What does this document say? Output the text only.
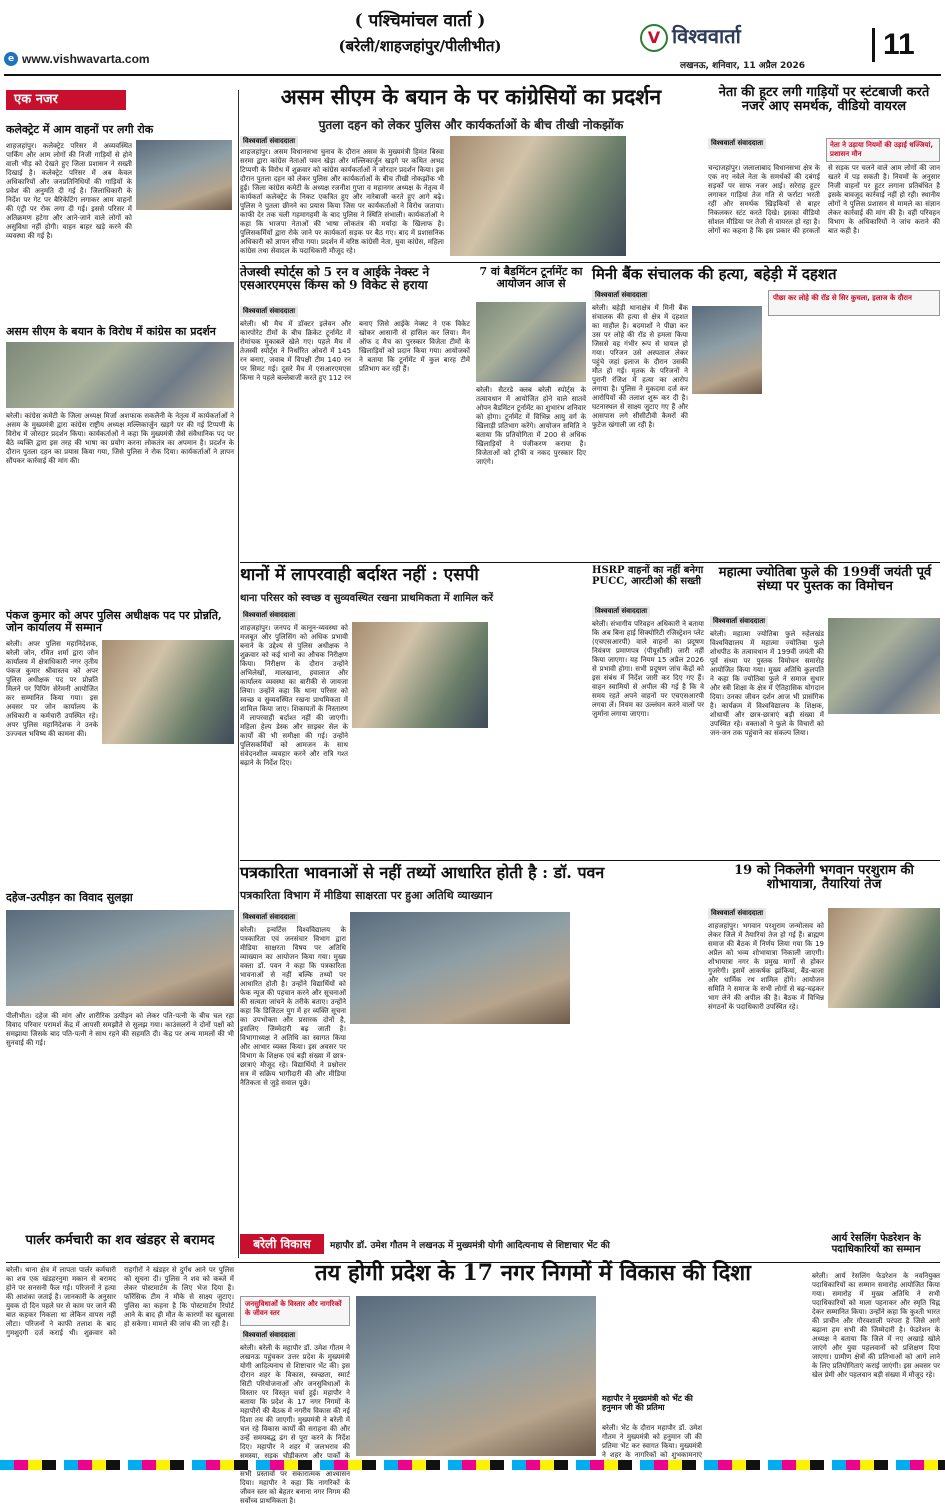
( पश्चिमांचल वार्ता )
(बरेली/शाहजहांपुर/पीलीभीत)
e www.vishwavarta.com
V विश्ववार्ता
लखनऊ, शनिवार, 11 अप्रैल 2026
11
एक नजर
कलेक्ट्रेट में आम वाहनों पर लगी रोक
शाहजहांपुर। कलेक्ट्रेट परिसर में अव्यवस्थित पार्किंग और आम लोगों की निजी गाड़ियों से होने वाली भीड़ को देखते हुए जिला प्रशासन ने सख्ती दिखाई है। कलेक्ट्रेट परिसर में अब केवल अधिकारियों और जनप्रतिनिधियों की गाड़ियों के प्रवेश की अनुमति दी गई है। जिलाधिकारी के निर्देश पर गेट पर बैरिकेटिंग लगाकर आम वाहनों की एंट्री पर रोक लगा दी गई। इससे परिसर में अतिक्रमण हटेगा और आने-जाने वाले लोगों को असुविधा नहीं होगी। वाहन बाहर खड़े करने की व्यवस्था की गई है।
असम सीएम के बयान के विरोध में कांग्रेस का प्रदर्शन
बरेली। कांग्रेस कमेटी के जिला अध्यक्ष मिर्जा अशफाक सकलैनी के नेतृत्व में कार्यकर्ताओं ने असम के मुख्यमंत्री द्वारा कांग्रेस राष्ट्रीय अध्यक्ष मल्लिकार्जुन खड़गे पर की गई टिप्पणी के विरोध में जोरदार प्रदर्शन किया। कार्यकर्ताओं ने कहा कि मुख्यमंत्री जैसे संवैधानिक पद पर बैठे व्यक्ति द्वारा इस तरह की भाषा का प्रयोग करना लोकतंत्र का अपमान है। प्रदर्शन के दौरान पुतला दहन का प्रयास किया गया, जिसे पुलिस ने रोक दिया। कार्यकर्ताओं ने ज्ञापन सौंपकर कार्रवाई की मांग की।
पंकज कुमार को अपर पुलिस अधीक्षक पद पर प्रोन्नति, जोन कार्यालय में सम्मान
बरेली। अपर पुलिस महानिदेशक, बरेली जोन, रमित शर्मा द्वारा जोन कार्यालय में क्षेत्राधिकारी नगर तृतीय पंकज कुमार श्रीवास्तव को अपर पुलिस अधीक्षक पद पर प्रोन्नति मिलने पर पिपिंग सेरेमनी आयोजित कर सम्मानित किया गया। इस अवसर पर जोन कार्यालय के अधिकारी व कर्मचारी उपस्थित रहे। अपर पुलिस महानिदेशक ने उनके उज्ज्वल भविष्य की कामना की।
दहेज-उत्पीड़न का विवाद सुलझा
पीलीभीत। दहेज की मांग और शारीरिक उत्पीड़न को लेकर पति-पत्नी के बीच चल रहा विवाद परिवार परामर्श केंद्र में आपसी समझौते से सुलझ गया। काउंसलरों ने दोनों पक्षों को समझाया जिसके बाद पति-पत्नी ने साथ रहने की सहमति दी। केंद्र पर अन्य मामलों की भी सुनवाई की गई।
असम सीएम के बयान के पर कांग्रेसियों का प्रदर्शन
पुतला दहन को लेकर पुलिस और कार्यकर्ताओं के बीच तीखी नोकझोंक
विश्ववार्ता संवाददाता
शाहजहांपुर। असम विधानसभा चुनाव के दौरान असम के मुख्यमंत्री हिमंत बिस्वा सरमा द्वारा कांग्रेस नेताओं पवन खेड़ा और मल्लिकार्जुन खड़गे पर कथित अभद्र टिप्पणी के विरोध में शुक्रवार को कांग्रेस कार्यकर्ताओं ने जोरदार प्रदर्शन किया। इस दौरान पुतला दहन को लेकर पुलिस और कार्यकर्ताओं के बीच तीखी नोकझोंक भी हुई। जिला कांग्रेस कमेटी के अध्यक्ष रजनीश गुप्ता व महानगर अध्यक्ष के नेतृत्व में कार्यकर्ता कलेक्ट्रेट के निकट एकत्रित हुए और नारेबाजी करते हुए आगे बढ़े। पुलिस ने पुतला छीनने का प्रयास किया जिस पर कार्यकर्ताओं ने विरोध जताया। काफी देर तक चली गहमागहमी के बाद पुलिस ने स्थिति संभाली। कार्यकर्ताओं ने कहा कि भाजपा नेताओं की भाषा लोकतंत्र की मर्यादा के खिलाफ है। पुलिसकर्मियों द्वारा रोके जाने पर कार्यकर्ता सड़क पर बैठ गए। बाद में प्रशासनिक अधिकारी को ज्ञापन सौंपा गया। प्रदर्शन में वरिष्ठ कांग्रेसी नेता, युवा कांग्रेस, महिला कांग्रेस तथा सेवादल के पदाधिकारी मौजूद रहे।
नेता की हूटर लगी गाड़ियों पर स्टंटबाजी करते नजर आए समर्थक, वीडियो वायरल
विश्ववार्ता संवाददाता	नेता ने उड़ाया नियमों की उड़ाई धज्जियां, प्रशासन मौन
चन्दाजहांपुर। जलालाबाद विधानसभा क्षेत्र के एक नए नवेले नेता के समर्थकों की दबंगई सड़कों पर साफ नजर आई। सरेराह हूटर लगाकर गाड़ियां तेज गति से फर्राटा भरती रहीं और समर्थक खिड़कियों से बाहर निकलकर स्टंट करते दिखे। इसका वीडियो सोशल मीडिया पर तेजी से वायरल हो रहा है। लोगों का कहना है कि इस प्रकार की हरकतों से सड़क पर चलने वाले आम लोगों की जान खतरे में पड़ सकती है। नियमों के अनुसार निजी वाहनों पर हूटर लगाना प्रतिबंधित है इसके बावजूद कार्रवाई नहीं हो रही। स्थानीय लोगों ने पुलिस प्रशासन से मामले का संज्ञान लेकर कार्रवाई की मांग की है। वहीं परिवहन विभाग के अधिकारियों ने जांच कराने की बात कही है।
तेजस्वी स्पोर्ट्स को 5 रन व आईके नेक्स्ट ने एसआरएमएस किंग्स को 9 विकेट से हराया
विश्ववार्ता संवाददाता
बरेली। श्री मैच में डॉक्टर इलेवन और कारपोरेट टीमों के बीच क्रिकेट टूर्नामेंट में रोमांचक मुकाबले खेले गए। पहले मैच में तेजस्वी स्पोर्ट्स ने निर्धारित ओवरों में 145 रन बनाए, जवाब में विपक्षी टीम 140 रन पर सिमट गई। दूसरे मैच में एसआरएमएस किंग्स ने पहले बल्लेबाजी करते हुए 112 रन बनाए जिसे आईके नेक्स्ट ने एक विकेट खोकर आसानी से हासिल कर लिया। मैन ऑफ द मैच का पुरस्कार विजेता टीमों के खिलाड़ियों को प्रदान किया गया। आयोजकों ने बताया कि टूर्नामेंट में कुल बारह टीमें प्रतिभाग कर रही हैं।
7 वां बैडमिंटन टूर्नामेंट का आयोजन आज से
बरेली। सैटरडे क्लब बरेली स्पोर्ट्स के तत्वावधान में आयोजित होने वाले सातवें ओपन बैडमिंटन टूर्नामेंट का शुभारंभ शनिवार को होगा। टूर्नामेंट में विभिन्न आयु वर्ग के खिलाड़ी प्रतिभाग करेंगे। आयोजन समिति ने बताया कि प्रतियोगिता में 200 से अधिक खिलाड़ियों ने पंजीकरण कराया है। विजेताओं को ट्रॉफी व नकद पुरस्कार दिए जाएंगे।
मिनी बैंक संचालक की हत्या, बहेड़ी में दहशत
विश्ववार्ता संवाददाता	पीछा कर लोहे की रॉड से सिर कुचला, इलाज के दौरान
बरेली। बहेड़ी थानाक्षेत्र में मिनी बैंक संचालक की हत्या से क्षेत्र में दहशत का माहौल है। बदमाशों ने पीछा कर उस पर लोहे की रॉड से हमला किया जिससे वह गंभीर रूप से घायल हो गया। परिजन उसे अस्पताल लेकर पहुंचे जहां इलाज के दौरान उसकी मौत हो गई। मृतक के परिजनों ने पुरानी रंजिश में हत्या का आरोप लगाया है। पुलिस ने मुकदमा दर्ज कर आरोपियों की तलाश शुरू कर दी है। घटनास्थल से साक्ष्य जुटाए गए हैं और आसपास लगे सीसीटीवी कैमरों की फुटेज खंगाली जा रही है।
थानों में लापरवाही बर्दाश्त नहीं : एसपी
थाना परिसर को स्वच्छ व सुव्यवस्थित रखना प्राथमिकता में शामिल करें
विश्ववार्ता संवाददाता
शाहजहांपुर। जनपद में कानून-व्यवस्था को मजबूत और पुलिसिंग को अधिक प्रभावी बनाने के उद्देश्य से पुलिस अधीक्षक ने शुक्रवार को कई थानों का औचक निरीक्षण किया। निरीक्षण के दौरान उन्होंने अभिलेखों, मालखाना, हवालात और कार्यालय व्यवस्था का बारीकी से जायजा लिया। उन्होंने कहा कि थाना परिसर को स्वच्छ व सुव्यवस्थित रखना प्राथमिकता में शामिल किया जाए। शिकायतों के निस्तारण में लापरवाही बर्दाश्त नहीं की जाएगी। महिला हेल्प डेस्क और साइबर सेल के कार्यों की भी समीक्षा की गई। उन्होंने पुलिसकर्मियों को आमजन के साथ संवेदनशील व्यवहार करने और रात्रि गश्त बढ़ाने के निर्देश दिए।
HSRP वाहनों का नहीं बनेगा PUCC, आरटीओ की सख्ती
विश्ववार्ता संवाददाता
बरेली। संभागीय परिवहन अधिकारी ने बताया कि अब बिना हाई सिक्योरिटी रजिस्ट्रेशन प्लेट (एचएसआरपी) वाले वाहनों का प्रदूषण नियंत्रण प्रमाणपत्र (पीयूसीसी) जारी नहीं किया जाएगा। यह नियम 15 अप्रैल 2026 से प्रभावी होगा। सभी प्रदूषण जांच केंद्रों को इस संबंध में निर्देश जारी कर दिए गए हैं। वाहन स्वामियों से अपील की गई है कि वे समय रहते अपने वाहनों पर एचएसआरपी लगवा लें। नियम का उल्लंघन करने वालों पर जुर्माना लगाया जाएगा।
महात्मा ज्योतिबा फुले की 199वीं जयंती पूर्व संध्या पर पुस्तक का विमोचन
विश्ववार्ता संवाददाता
बरेली। महात्मा ज्योतिबा फुले रुहेलखंड विश्वविद्यालय में महात्मा ज्योतिबा फुले शोधपीठ के तत्वावधान में 199वीं जयंती की पूर्व संध्या पर पुस्तक विमोचन समारोह आयोजित किया गया। मुख्य अतिथि कुलपति ने कहा कि ज्योतिबा फुले ने समाज सुधार और स्त्री शिक्षा के क्षेत्र में ऐतिहासिक योगदान दिया। उनका जीवन दर्शन आज भी प्रासंगिक है। कार्यक्रम में विश्वविद्यालय के शिक्षक, शोधार्थी और छात्र-छात्राएं बड़ी संख्या में उपस्थित रहे। वक्ताओं ने फुले के विचारों को जन-जन तक पहुंचाने का संकल्प लिया।
पत्रकारिता भावनाओं से नहीं तथ्यों आधारित होती है : डॉ. पवन
पत्रकारिता विभाग में मीडिया साक्षरता पर हुआ अतिथि व्याख्यान
विश्ववार्ता संवाददाता
बरेली। इन्वर्टिस विश्वविद्यालय के पत्रकारिता एवं जनसंचार विभाग द्वारा मीडिया साक्षरता विषय पर अतिथि व्याख्यान का आयोजन किया गया। मुख्य वक्ता डॉ. पवन ने कहा कि पत्रकारिता भावनाओं से नहीं बल्कि तथ्यों पर आधारित होती है। उन्होंने विद्यार्थियों को फेक न्यूज की पहचान करने और सूचनाओं की सत्यता जांचने के तरीके बताए। उन्होंने कहा कि डिजिटल युग में हर व्यक्ति सूचना का उपभोक्ता और प्रसारक दोनों है, इसलिए जिम्मेदारी बढ़ जाती है। विभागाध्यक्ष ने अतिथि का स्वागत किया और आभार व्यक्त किया। इस अवसर पर विभाग के शिक्षक एवं बड़ी संख्या में छात्र-छात्राएं मौजूद रहे। विद्यार्थियों ने प्रश्नोत्तर सत्र में सक्रिय भागीदारी की और मीडिया नैतिकता से जुड़े सवाल पूछे।
19 को निकलेगी भगवान परशुराम की शोभायात्रा, तैयारियां तेज
विश्ववार्ता संवाददाता
शाहजहांपुर। भगवान परशुराम जन्मोत्सव को लेकर जिले में तैयारियां तेज हो गई हैं। ब्राह्मण समाज की बैठक में निर्णय लिया गया कि 19 अप्रैल को भव्य शोभायात्रा निकाली जाएगी। शोभायात्रा नगर के प्रमुख मार्गों से होकर गुजरेगी। इसमें आकर्षक झांकियां, बैंड-बाजा और धार्मिक रथ शामिल होंगे। आयोजन समिति ने समाज के सभी लोगों से बढ़-चढ़कर भाग लेने की अपील की है। बैठक में विभिन्न संगठनों के पदाधिकारी उपस्थित रहे।
पार्लर कर्मचारी का शव खंडहर से बरामद
बरेली। थाना क्षेत्र में लापता पार्लर कर्मचारी का शव एक खंडहरनुमा मकान से बरामद होने पर सनसनी फैल गई। परिजनों ने हत्या की आशंका जताई है। जानकारी के अनुसार युवक दो दिन पहले घर से काम पर जाने की बात कहकर निकला था लेकिन वापस नहीं लौटा। परिजनों ने काफी तलाश के बाद गुमशुदगी दर्ज कराई थी। शुक्रवार को राहगीरों ने खंडहर से दुर्गंध आने पर पुलिस को सूचना दी। पुलिस ने शव को कब्जे में लेकर पोस्टमार्टम के लिए भेज दिया है। फॉरेंसिक टीम ने मौके से साक्ष्य जुटाए। पुलिस का कहना है कि पोस्टमार्टम रिपोर्ट आने के बाद ही मौत के कारणों का खुलासा हो सकेगा। मामले की जांच की जा रही है।
बरेली विकास	महापौर डॉ. उमेश गौतम ने लखनऊ में मुख्यमंत्री योगी आदित्यनाथ से शिष्टाचार भेंट की
तय होगी प्रदेश के 17 नगर निगमों में विकास की दिशा
जनसुविधाओं के विस्तार और नागरिकों के जीवन स्तर
विश्ववार्ता संवाददाता
बरेली। बरेली के महापौर डॉ. उमेश गौतम ने लखनऊ पहुंचकर उत्तर प्रदेश के मुख्यमंत्री योगी आदित्यनाथ से शिष्टाचार भेंट की। इस दौरान शहर के विकास, स्वच्छता, स्मार्ट सिटी परियोजनाओं और जनसुविधाओं के विस्तार पर विस्तृत चर्चा हुई। महापौर ने बताया कि प्रदेश के 17 नगर निगमों के महापौरों की बैठक में नगरीय विकास की नई दिशा तय की जाएगी। मुख्यमंत्री ने बरेली में चल रहे विकास कार्यों की सराहना की और उन्हें समयबद्ध ढंग से पूरा करने के निर्देश दिए। महापौर ने शहर में जलभराव की समस्या, सड़क चौड़ीकरण और पार्कों के सभी प्रस्तावों पर सकारात्मक आश्वासन दिया। महापौर ने कहा कि नागरिकों के जीवन स्तर को बेहतर बनाना नगर निगम की सर्वोच्च प्राथमिकता है।
महापौर ने मुख्यमंत्री को भेंट की हनुमान जी की प्रतिमा
बरेली। भेंट के दौरान महापौर डॉ. उमेश गौतम ने मुख्यमंत्री को हनुमान जी की प्रतिमा भेंट कर स्वागत किया। मुख्यमंत्री ने शहर के नागरिकों को शुभकामनाएं
आर्य रेसलिंग फेडरेशन के पदाधिकारियों का सम्मान
बरेली। आर्य रेसलिंग फेडरेशन के नवनियुक्त पदाधिकारियों का सम्मान समारोह आयोजित किया गया। समारोह में मुख्य अतिथि ने सभी पदाधिकारियों को माला पहनाकर और स्मृति चिह्न देकर सम्मानित किया। उन्होंने कहा कि कुश्ती भारत की प्राचीन और गौरवशाली परंपरा है जिसे आगे बढ़ाना हम सभी की जिम्मेदारी है। फेडरेशन के अध्यक्ष ने बताया कि जिले में नए अखाड़े खोले जाएंगे और युवा पहलवानों को प्रशिक्षण दिया जाएगा। ग्रामीण क्षेत्रों की प्रतिभाओं को आगे लाने के लिए प्रतियोगिताएं कराई जाएंगी। इस अवसर पर खेल प्रेमी और पहलवान बड़ी संख्या में मौजूद रहे।
